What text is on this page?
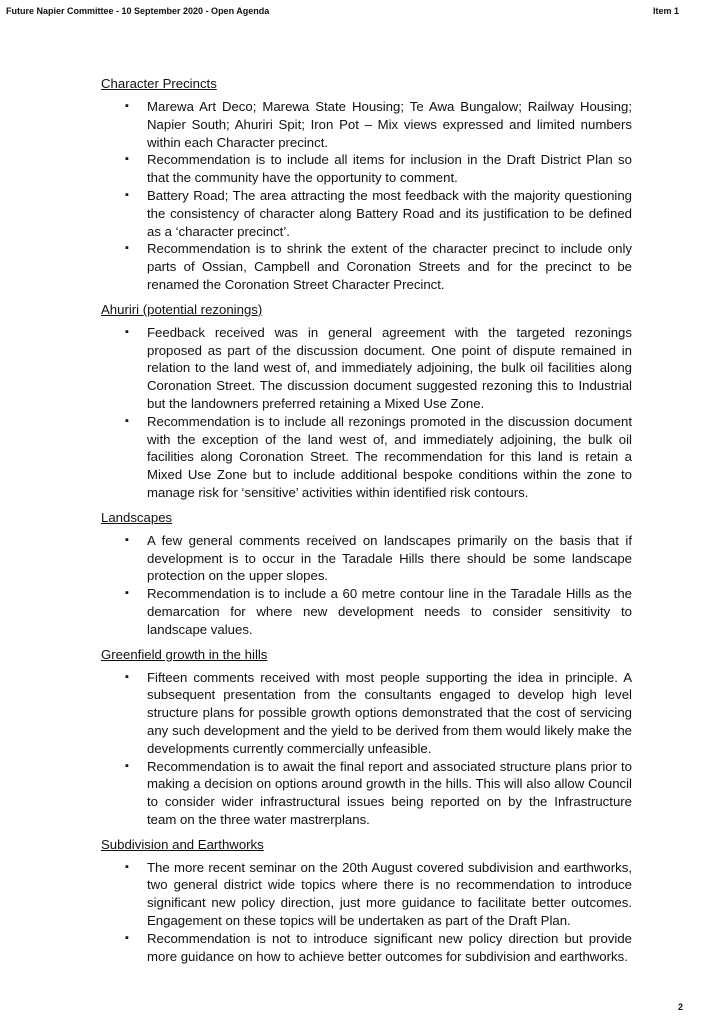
Future Napier Committee - 10 September 2020 - Open Agenda	Item 1

Character Precincts

▪ Marewa Art Deco; Marewa State Housing; Te Awa Bungalow; Railway Housing; Napier South; Ahuriri Spit; Iron Pot – Mix views expressed and limited numbers within each Character precinct.
▪ Recommendation is to include all items for inclusion in the Draft District Plan so that the community have the opportunity to comment.
▪ Battery Road; The area attracting the most feedback with the majority questioning the consistency of character along Battery Road and its justification to be defined as a ‘character precinct’.
▪ Recommendation is to shrink the extent of the character precinct to include only parts of Ossian, Campbell and Coronation Streets and for the precinct to be renamed the Coronation Street Character Precinct.

Ahuriri (potential rezonings)

▪ Feedback received was in general agreement with the targeted rezonings proposed as part of the discussion document. One point of dispute remained in relation to the land west of, and immediately adjoining, the bulk oil facilities along Coronation Street. The discussion document suggested rezoning this to Industrial but the landowners preferred retaining a Mixed Use Zone.
▪ Recommendation is to include all rezonings promoted in the discussion document with the exception of the land west of, and immediately adjoining, the bulk oil facilities along Coronation Street. The recommendation for this land is retain a Mixed Use Zone but to include additional bespoke conditions within the zone to manage risk for ‘sensitive’ activities within identified risk contours.

Landscapes

▪ A few general comments received on landscapes primarily on the basis that if development is to occur in the Taradale Hills there should be some landscape protection on the upper slopes.
▪ Recommendation is to include a 60 metre contour line in the Taradale Hills as the demarcation for where new development needs to consider sensitivity to landscape values.

Greenfield growth in the hills

▪ Fifteen comments received with most people supporting the idea in principle. A subsequent presentation from the consultants engaged to develop high level structure plans for possible growth options demonstrated that the cost of servicing any such development and the yield to be derived from them would likely make the developments currently commercially unfeasible.
▪ Recommendation is to await the final report and associated structure plans prior to making a decision on options around growth in the hills. This will also allow Council to consider wider infrastructural issues being reported on by the Infrastructure team on the three water mastrerplans.

Subdivision and Earthworks

▪ The more recent seminar on the 20th August covered subdivision and earthworks, two general district wide topics where there is no recommendation to introduce significant new policy direction, just more guidance to facilitate better outcomes. Engagement on these topics will be undertaken as part of the Draft Plan.
▪ Recommendation is not to introduce significant new policy direction but provide more guidance on how to achieve better outcomes for subdivision and earthworks.
2
